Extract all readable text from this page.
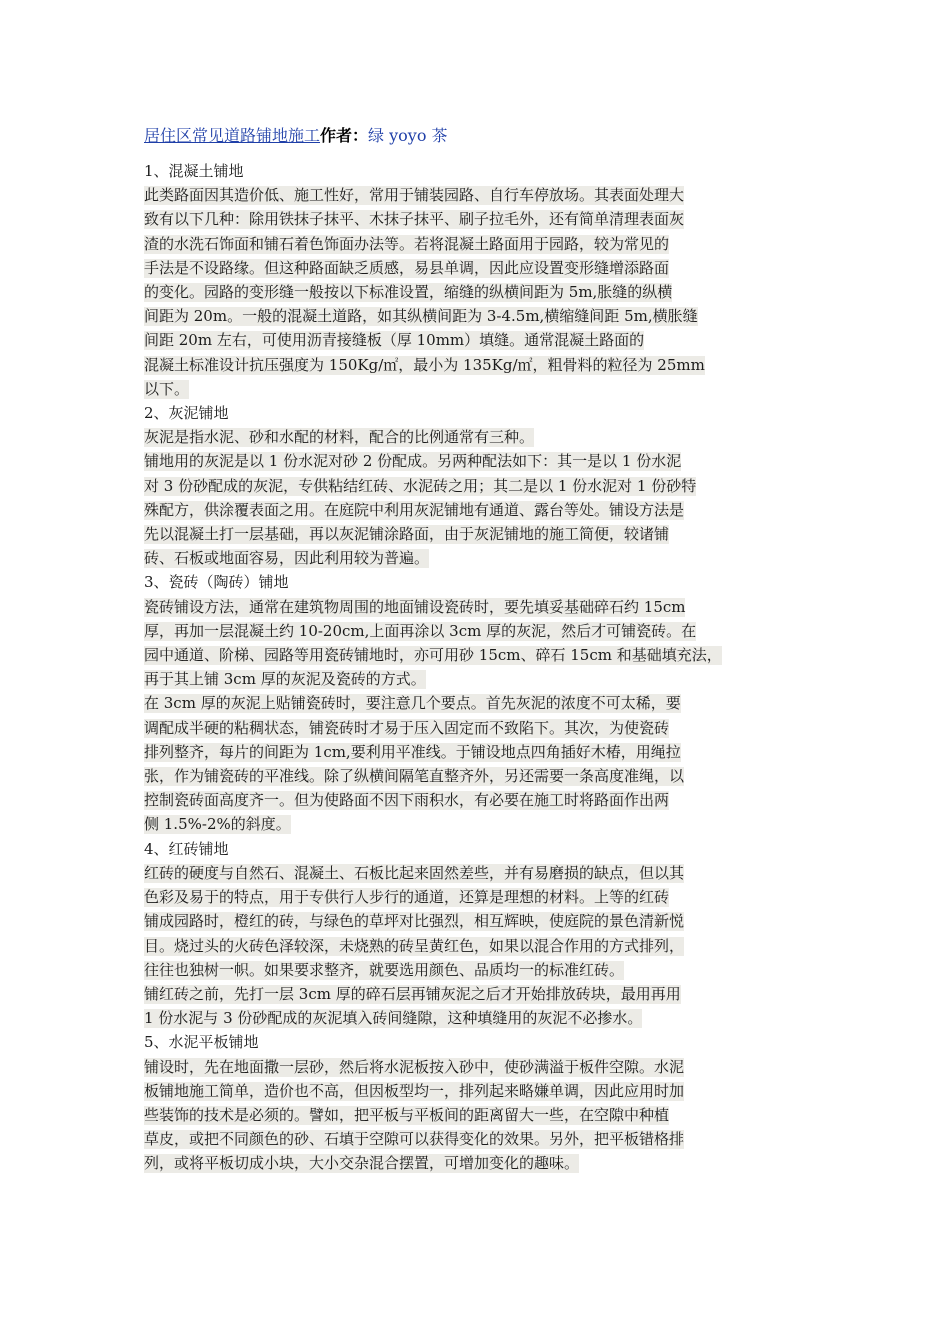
居住区常见道路铺地施工作者：绿 yoyo 茶
1、混凝土铺地
此类路面因其造价低、施工性好，常用于铺装园路、自行车停放场。其表面处理大
致有以下几种：除用铁抹子抹平、木抹子抹平、刷子拉毛外，还有简单清理表面灰
渣的水洗石饰面和铺石着色饰面办法等。若将混凝土路面用于园路，较为常见的
手法是不设路缘。但这种路面缺乏质感，易县单调，因此应设置变形缝增添路面
的变化。园路的变形缝一般按以下标准设置，缩缝的纵横间距为 5m,胀缝的纵横
间距为 20m。一般的混凝土道路，如其纵横间距为 3-4.5m,横缩缝间距 5m,横胀缝
间距 20m 左右，可使用沥青接缝板（厚 10mm）填缝。通常混凝土路面的
混凝土标准设计抗压强度为 150Kg/㎡，最小为 135Kg/㎡，粗骨料的粒径为 25mm
以下。
2、灰泥铺地
灰泥是指水泥、砂和水配的材料，配合的比例通常有三种。
铺地用的灰泥是以 1 份水泥对砂 2 份配成。另两种配法如下：其一是以 1 份水泥
对 3 份砂配成的灰泥，专供粘结红砖、水泥砖之用；其二是以 1 份水泥对 1 份砂特
殊配方，供涂覆表面之用。在庭院中利用灰泥铺地有通道、露台等处。铺设方法是
先以混凝土打一层基础，再以灰泥铺涂路面，由于灰泥铺地的施工简便，较诸铺
砖、石板或地面容易，因此利用较为普遍。
3、瓷砖（陶砖）铺地
瓷砖铺设方法，通常在建筑物周围的地面铺设瓷砖时，要先填妥基础碎石约 15cm
厚，再加一层混凝土约 10-20cm,上面再涂以 3cm 厚的灰泥，然后才可铺瓷砖。在
园中通道、阶梯、园路等用瓷砖铺地时，亦可用砂 15cm、碎石 15cm 和基础填充法，
再于其上铺 3cm 厚的灰泥及瓷砖的方式。
在 3cm 厚的灰泥上贴铺瓷砖时，要注意几个要点。首先灰泥的浓度不可太稀，要
调配成半硬的粘稠状态，铺瓷砖时才易于压入固定而不致陷下。其次，为使瓷砖
排列整齐，每片的间距为 1cm,要利用平准线。于铺设地点四角插好木椿，用绳拉
张，作为铺瓷砖的平准线。除了纵横间隔笔直整齐外，另还需要一条高度准绳，以
控制瓷砖面高度齐一。但为使路面不因下雨积水，有必要在施工时将路面作出两
侧 1.5%-2%的斜度。
4、红砖铺地
红砖的硬度与自然石、混凝土、石板比起来固然差些，并有易磨损的缺点，但以其
色彩及易于的特点，用于专供行人步行的通道，还算是理想的材料。上等的红砖
铺成园路时，橙红的砖，与绿色的草坪对比强烈，相互辉映，使庭院的景色清新悦
目。烧过头的火砖色泽较深，未烧熟的砖呈黄红色，如果以混合作用的方式排列，
往往也独树一帜。如果要求整齐，就要选用颜色、品质均一的标准红砖。
铺红砖之前，先打一层 3cm 厚的碎石层再铺灰泥之后才开始排放砖块，最用再用
1 份水泥与 3 份砂配成的灰泥填入砖间缝隙，这种填缝用的灰泥不必掺水。
5、水泥平板铺地
铺设时，先在地面撒一层砂，然后将水泥板按入砂中，使砂满溢于板件空隙。水泥
板铺地施工简单，造价也不高，但因板型均一，排列起来略嫌单调，因此应用时加
些装饰的技术是必须的。譬如，把平板与平板间的距离留大一些，在空隙中种植
草皮，或把不同颜色的砂、石填于空隙可以获得变化的效果。另外，把平板错格排
列，或将平板切成小块，大小交杂混合摆置，可增加变化的趣味。
